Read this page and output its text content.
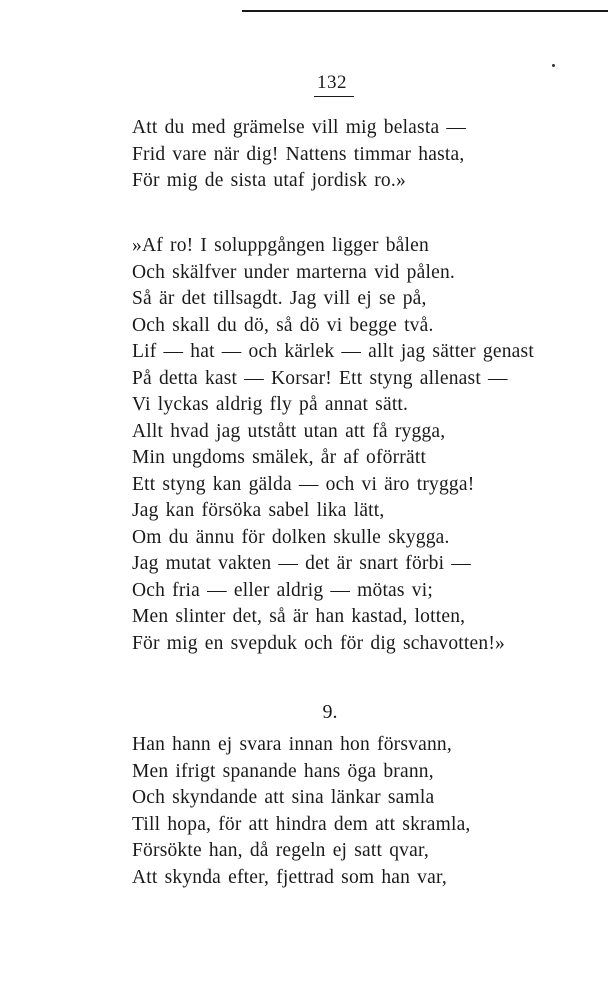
132
Att du med grämelse vill mig belasta —
Frid vare när dig! Nattens timmar hasta,
För mig de sista utaf jordisk ro.»
»Af ro! I soluppgången ligger bålen
Och skälfver under marterna vid pålen.
Så är det tillsagdt. Jag vill ej se på,
Och skall du dö, så dö vi begge två.
Lif — hat — och kärlek — allt jag sätter genast
På detta kast — Korsar! Ett styng allenast —
Vi lyckas aldrig fly på annat sätt.
Allt hvad jag utstått utan att få rygga,
Min ungdoms smälek, år af oförrätt
Ett styng kan gälda — och vi äro trygga!
Jag kan försöka sabel lika lätt,
Om du ännu för dolken skulle skygga.
Jag mutat vakten — det är snart förbi —
Och fria — eller aldrig — mötas vi;
Men slinter det, så är han kastad, lotten,
För mig en svepduk och för dig schavotten!»
9.
Han hann ej svara innan hon försvann,
Men ifrigt spanande hans öga brann,
Och skyndande att sina länkar samla
Till hopa, för att hindra dem att skramla,
Försökte han, då regeln ej satt qvar,
Att skynda efter, fjettrad som han var,
